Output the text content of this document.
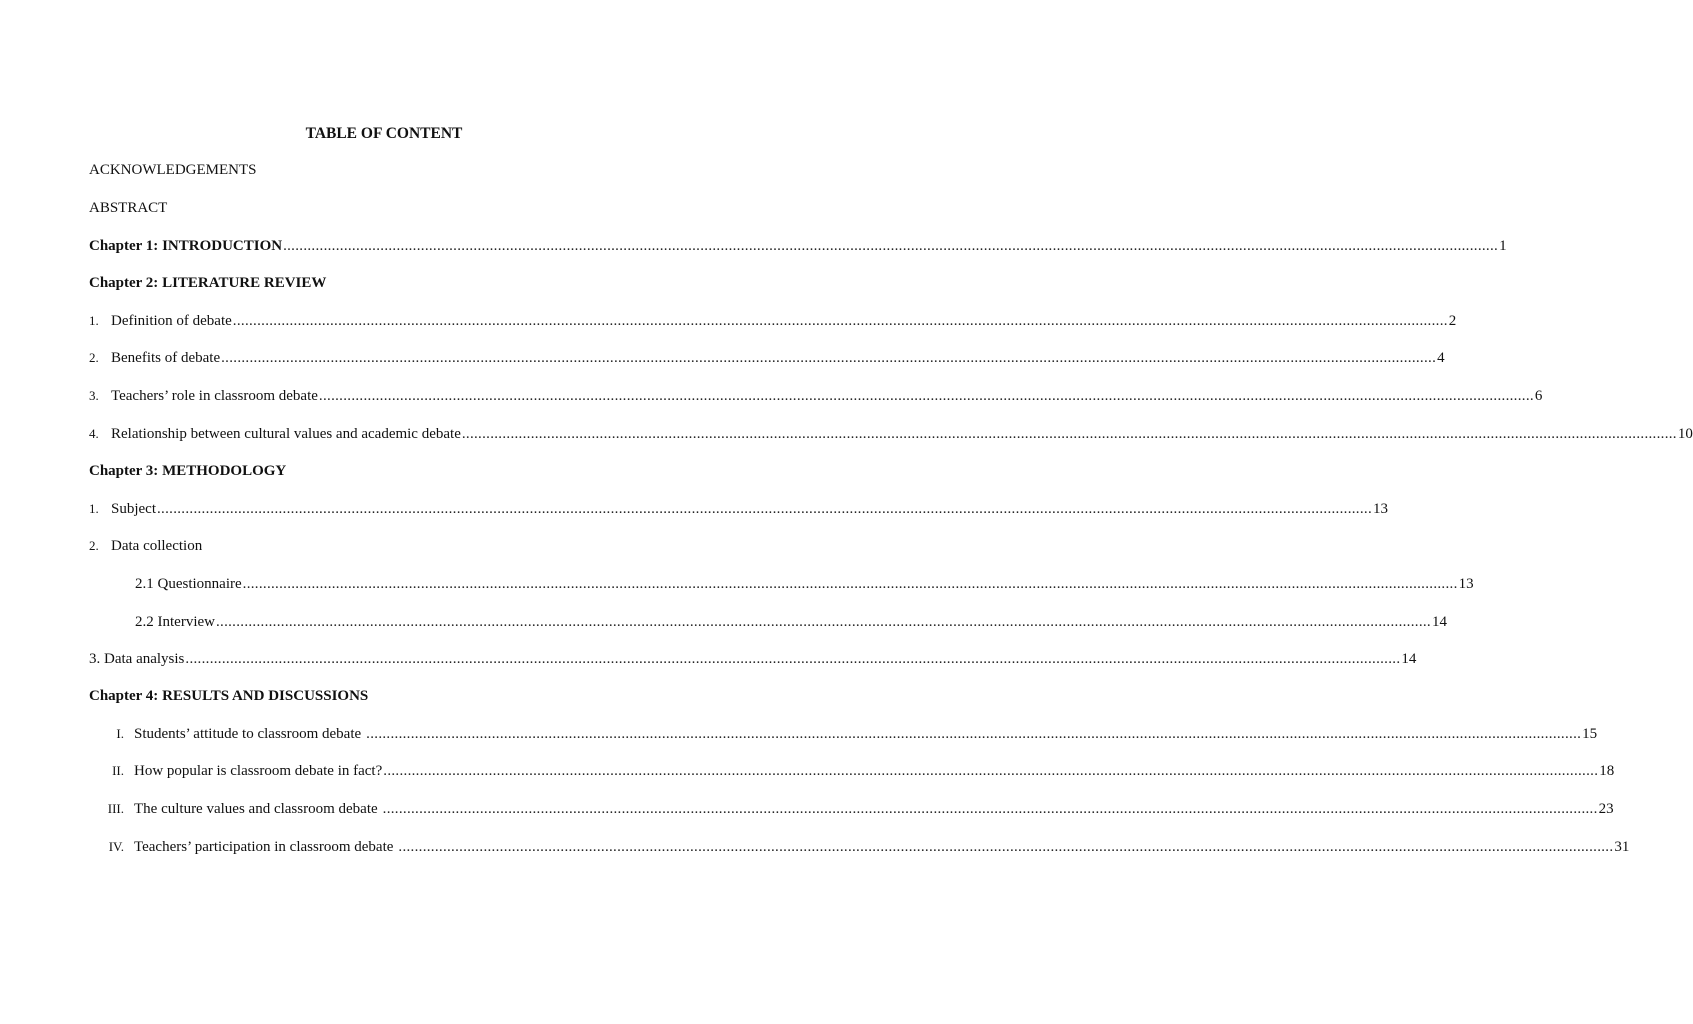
TABLE OF CONTENT
ACKNOWLEDGEMENTS
ABSTRACT
Chapter 1: INTRODUCTION ............................................................................................................................................................................................................................................................................................................ 1
Chapter 2: LITERATURE REVIEW
1. Definition of debate ............................................................................................................................................................................................................................................................................................................ 2
2. Benefits of debate ............................................................................................................................................................................................................................................................................................................ 4
3. Teachers’ role in classroom debate ............................................................................................................................................................................................................................................................................................................ 6
4. Relationship between cultural values and academic debate ............................................................................................................................................................................................................................................................................................................ 10
Chapter 3: METHODOLOGY
1. Subject ............................................................................................................................................................................................................................................................................................................ 13
2. Data collection
2.1 Questionnaire ............................................................................................................................................................................................................................................................................................................ 13
2.2 Interview ............................................................................................................................................................................................................................................................................................................ 14
3. Data analysis ............................................................................................................................................................................................................................................................................................................ 14
Chapter 4: RESULTS AND DISCUSSIONS
I. Students’ attitude to classroom debate ............................................................................................................................................................................................................................................................................................................ 15
II. How popular is classroom debate in fact? ............................................................................................................................................................................................................................................................................................................ 18
III. The culture values and classroom debate ............................................................................................................................................................................................................................................................................................................ 23
IV. Teachers’ participation in classroom debate ............................................................................................................................................................................................................................................................................................................ 31
